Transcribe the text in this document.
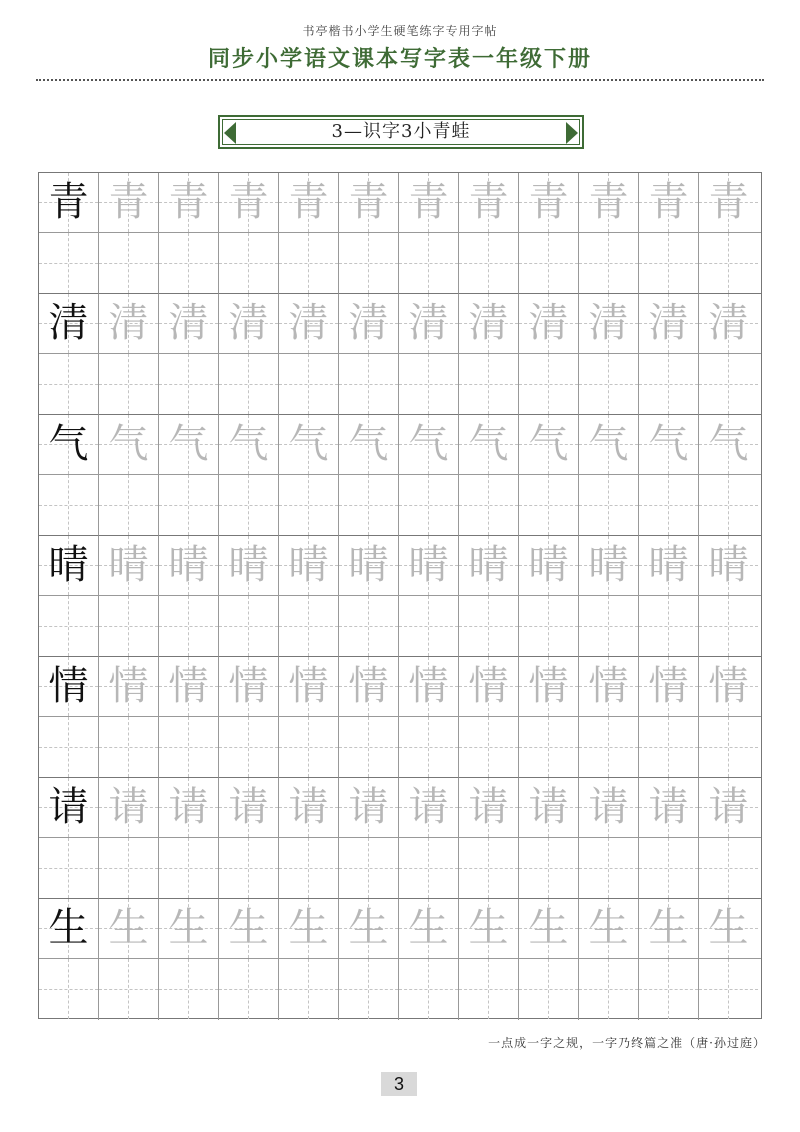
书亭楷书小学生硬笔练字专用字帖
同步小学语文课本写字表一年级下册
3—识字3小青蛙
青 青 青 青 青 青 青 青 青 青 青 青
清 清 清 清 清 清 清 清 清 清 清 清
气 气 气 气 气 气 气 气 气 气 气 气
晴 晴 晴 晴 晴 晴 晴 晴 晴 晴 晴 晴
情 情 情 情 情 情 情 情 情 情 情 情
请 请 请 请 请 请 请 请 请 请 请 请
生 生 生 生 生 生 生 生 生 生 生 生
一点成一字之规，一字乃终篇之准（唐·孙过庭）
3
